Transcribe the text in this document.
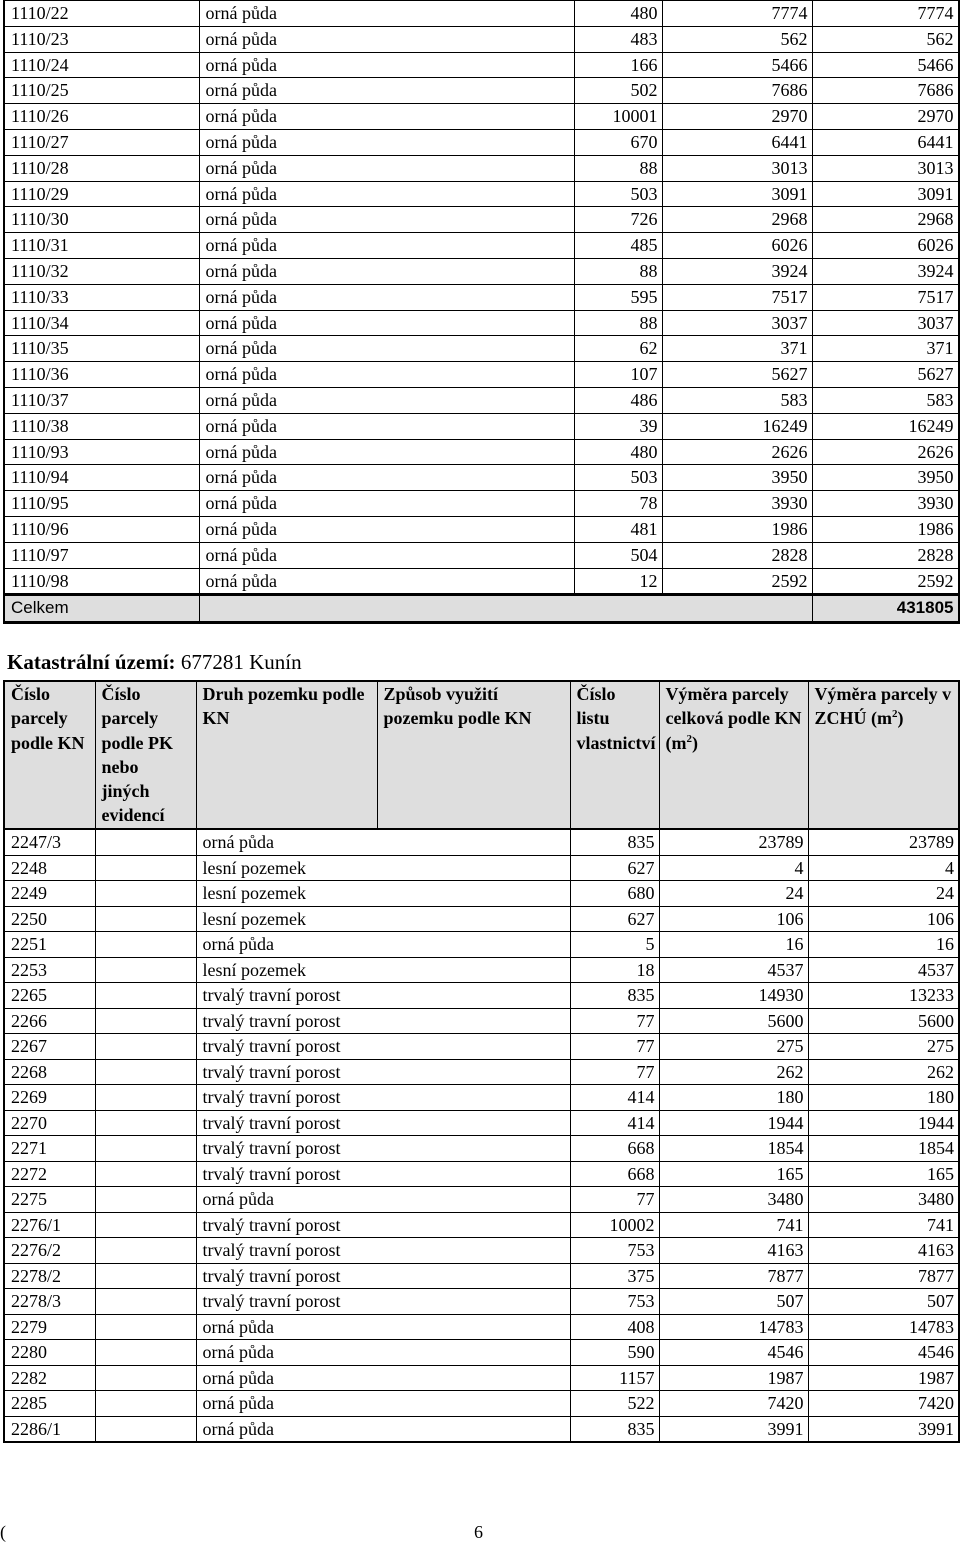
1110/22	orná půda	480	7774	7774
1110/23	orná půda	483	562	562
1110/24	orná půda	166	5466	5466
1110/25	orná půda	502	7686	7686
1110/26	orná půda	10001	2970	2970
1110/27	orná půda	670	6441	6441
1110/28	orná půda	88	3013	3013
1110/29	orná půda	503	3091	3091
1110/30	orná půda	726	2968	2968
1110/31	orná půda	485	6026	6026
1110/32	orná půda	88	3924	3924
1110/33	orná půda	595	7517	7517
1110/34	orná půda	88	3037	3037
1110/35	orná půda	62	371	371
1110/36	orná půda	107	5627	5627
1110/37	orná půda	486	583	583
1110/38	orná půda	39	16249	16249
1110/93	orná půda	480	2626	2626
1110/94	orná půda	503	3950	3950
1110/95	orná půda	78	3930	3930
1110/96	orná půda	481	1986	1986
1110/97	orná půda	504	2828	2828
1110/98	orná půda	12	2592	2592
Celkem				431805
Katastrální území: 677281 Kunín
Číslo parcely podle KN	Číslo parcely podle PK nebo jiných evidencí	Druh pozemku podle KN	Způsob využití pozemku podle KN	Číslo listu vlastnictví	Výměra parcely celková podle KN $(m^2)$	Výměra parcely v ZCHÚ $(m^2)$
2247/3		orná půda		835	23789	23789
2248		lesní pozemek		627	4	4
2249		lesní pozemek		680	24	24
2250		lesní pozemek		627	106	106
2251		orná půda		5	16	16
2253		lesní pozemek		18	4537	4537
2265		trvalý travní porost		835	14930	13233
2266		trvalý travní porost		77	5600	5600
2267		trvalý travní porost		77	275	275
2268		trvalý travní porost		77	262	262
2269		trvalý travní porost		414	180	180
2270		trvalý travní porost		414	1944	1944
2271		trvalý travní porost		668	1854	1854
2272		trvalý travní porost		668	165	165
2275		orná půda		77	3480	3480
2276/1		trvalý travní porost		10002	741	741
2276/2		trvalý travní porost		753	4163	4163
2278/2		trvalý travní porost		375	7877	7877
2278/3		trvalý travní porost		753	507	507
2279		orná půda		408	14783	14783
2280		orná půda		590	4546	4546
2282		orná půda		1157	1987	1987
2285		orná půda		522	7420	7420
2286/1		orná půda		835	3991	3991
(	6
